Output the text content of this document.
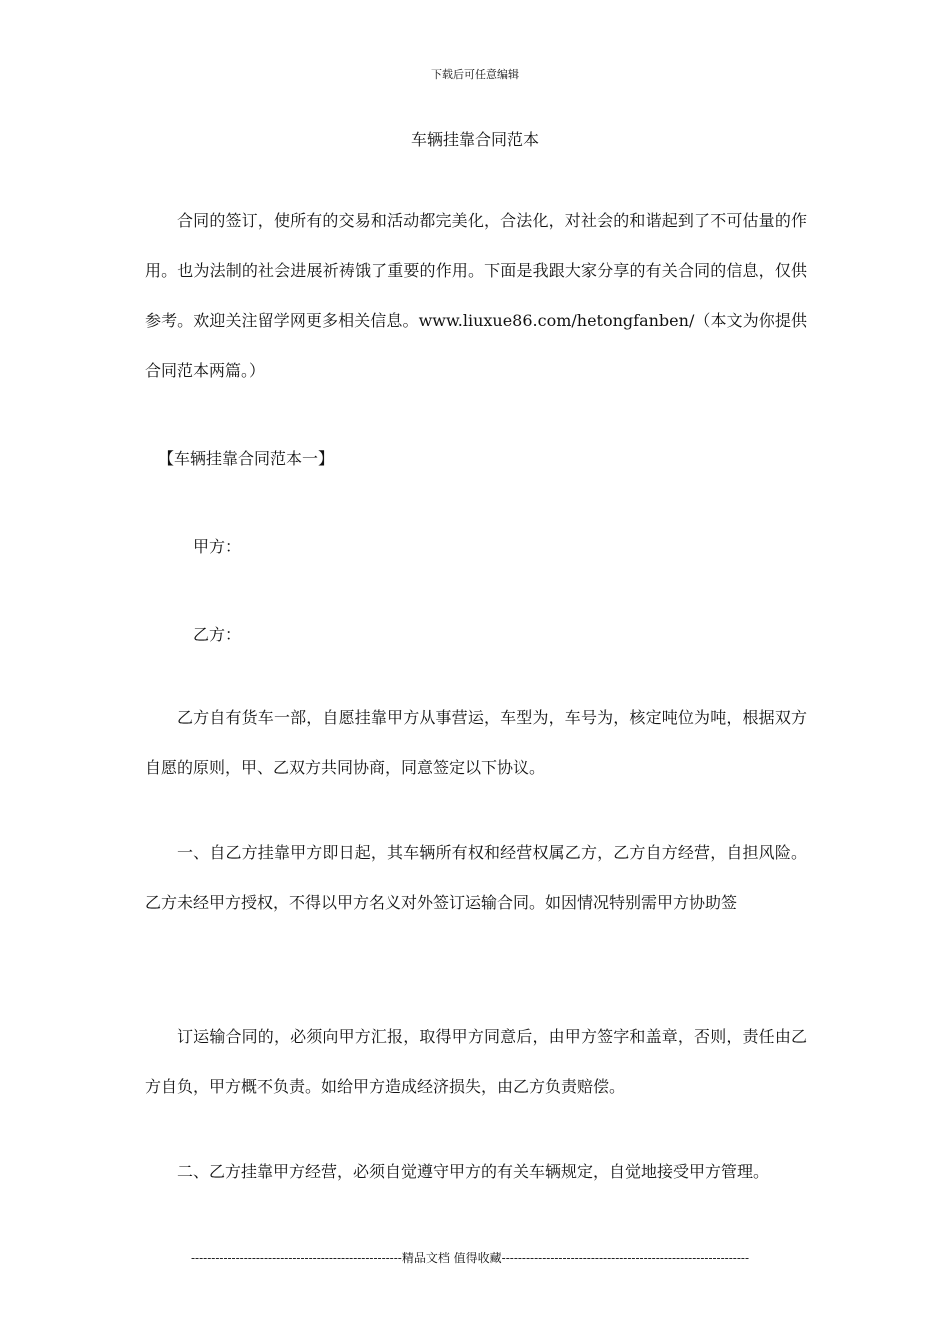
下载后可任意编辑
车辆挂靠合同范本

合同的签订，使所有的交易和活动都完美化，合法化，对社会的和谐起到了不可估量的作用。也为法制的社会进展祈祷饿了重要的作用。下面是我跟大家分享的有关合同的信息，仅供参考。欢迎关注留学网更多相关信息。www.liuxue86.com/hetongfanben/（本文为你提供合同范本两篇。）

【车辆挂靠合同范本一】
甲方：
乙方：

乙方自有货车一部，自愿挂靠甲方从事营运，车型为，车号为，核定吨位为吨，根据双方自愿的原则，甲、乙双方共同协商，同意签定以下协议。

一、自乙方挂靠甲方即日起，其车辆所有权和经营权属乙方，乙方自方经营，自担风险。乙方未经甲方授权，不得以甲方名义对外签订运输合同。如因情况特别需甲方协助签

订运输合同的，必须向甲方汇报，取得甲方同意后，由甲方签字和盖章，否则，责任由乙方自负，甲方概不负责。如给甲方造成经济损失，由乙方负责赔偿。

二、乙方挂靠甲方经营，必须自觉遵守甲方的有关车辆规定，自觉地接受甲方管理。

----------------------------------------------------精品文档 值得收藏-------------------------------------------------------------
